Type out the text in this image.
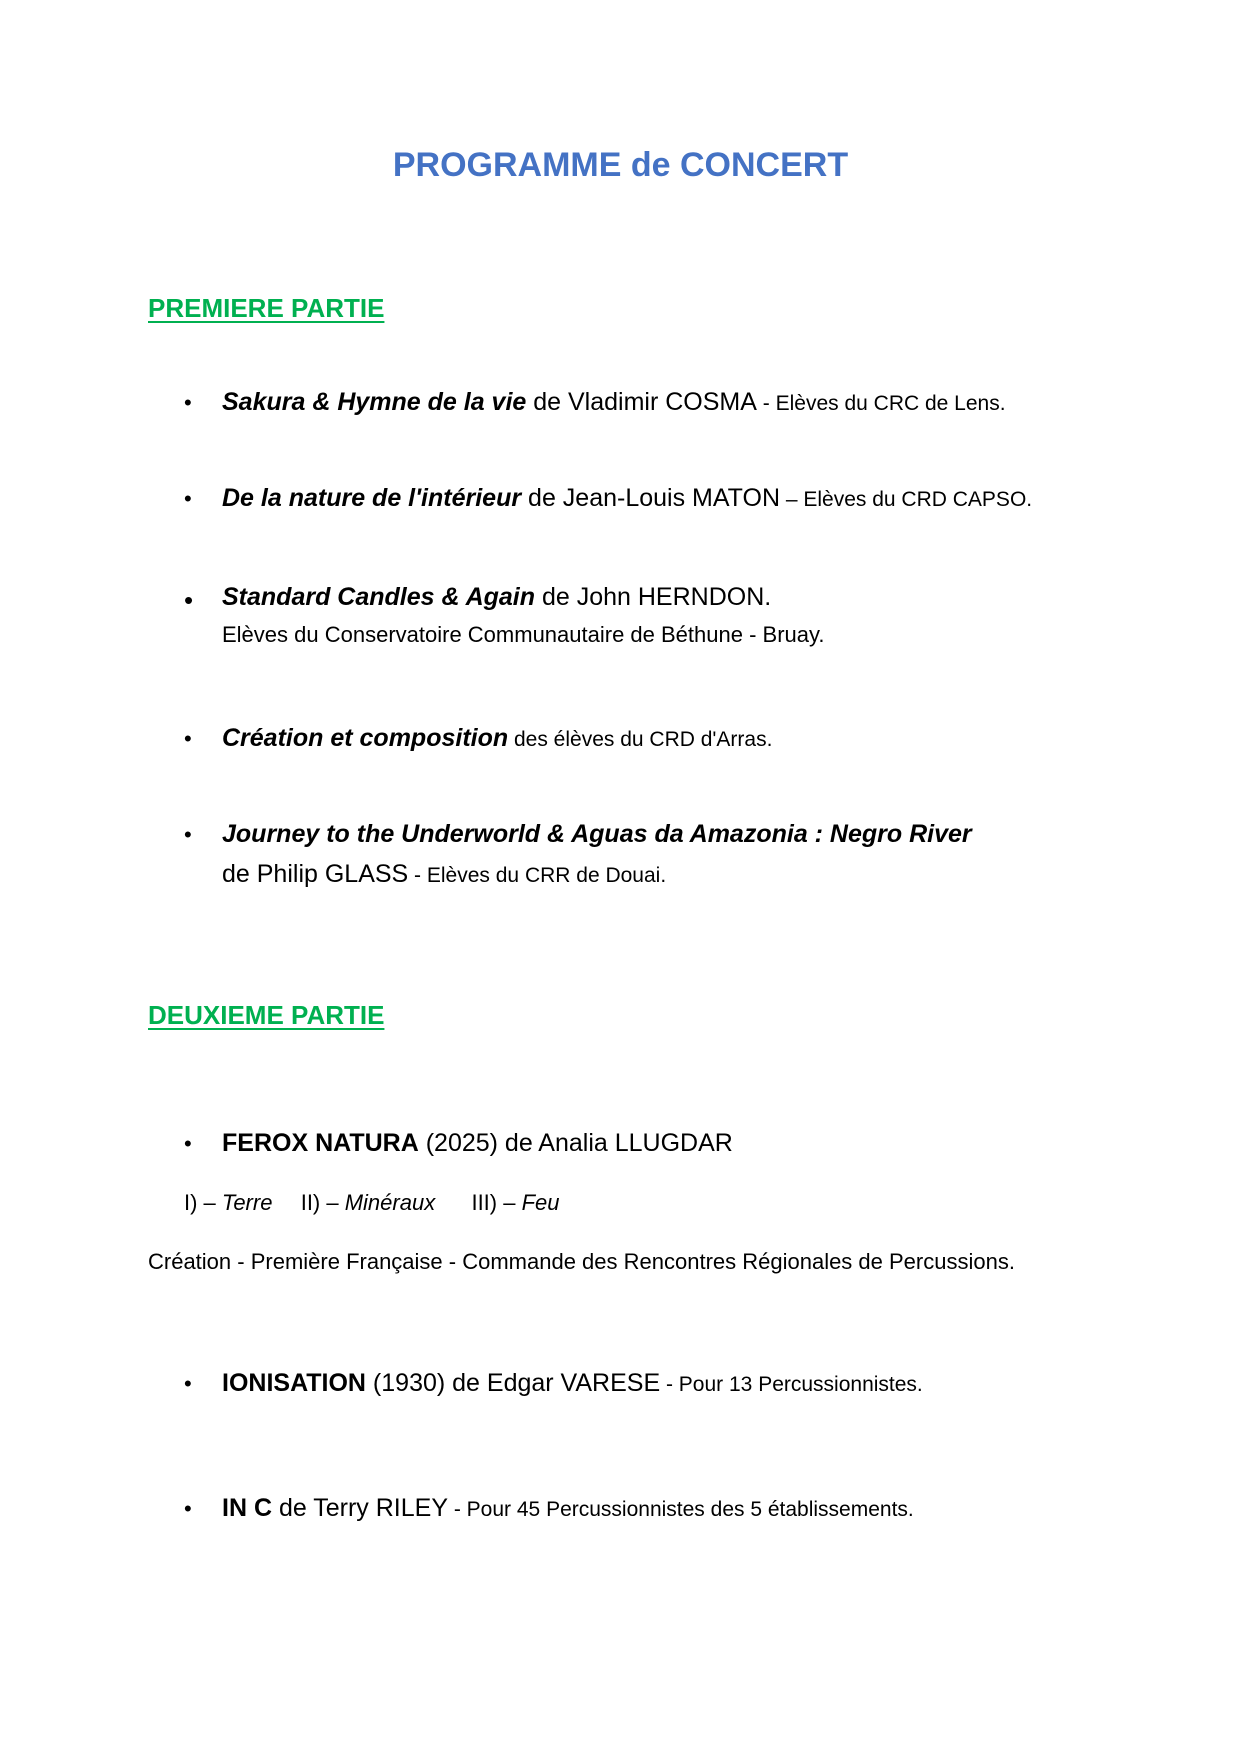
PROGRAMME de CONCERT
PREMIERE PARTIE
• Sakura & Hymne de la vie de Vladimir COSMA - Elèves du CRC de Lens.
• De la nature de l'intérieur de Jean-Louis MATON – Elèves du CRD CAPSO.
• Standard Candles & Again de John HERNDON.
Elèves du Conservatoire Communautaire de Béthune - Bruay.
• Création et composition des élèves du CRD d'Arras.
• Journey to the Underworld & Aguas da Amazonia : Negro River
de Philip GLASS - Elèves du CRR de Douai.
DEUXIEME PARTIE
• FEROX NATURA (2025) de Analia LLUGDAR
I) – Terre II) – Minéraux III) – Feu
Création - Première Française - Commande des Rencontres Régionales de Percussions.
• IONISATION (1930) de Edgar VARESE - Pour 13 Percussionnistes.
• IN C de Terry RILEY - Pour 45 Percussionnistes des 5 établissements.
